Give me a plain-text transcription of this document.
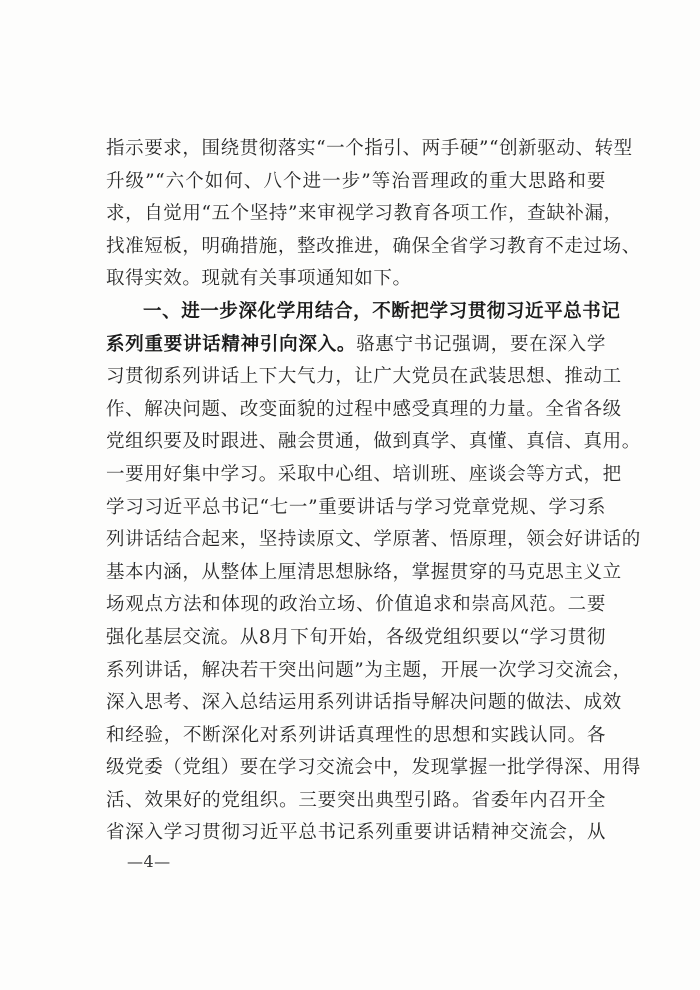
指示要求，围绕贯彻落实“一个指引、两手硬”“创新驱动、转型
升级”“六个如何、八个进一步”等治晋理政的重大思路和要
求，自觉用“五个坚持”来审视学习教育各项工作，查缺补漏，
找准短板，明确措施，整改推进，确保全省学习教育不走过场、
取得实效。现就有关事项通知如下。
一、进一步深化学用结合，不断把学习贯彻习近平总书记
系列重要讲话精神引向深入。骆惠宁书记强调，要在深入学
习贯彻系列讲话上下大气力，让广大党员在武装思想、推动工
作、解决问题、改变面貌的过程中感受真理的力量。全省各级
党组织要及时跟进、融会贯通，做到真学、真懂、真信、真用。
一要用好集中学习。采取中心组、培训班、座谈会等方式，把
学习习近平总书记“七一”重要讲话与学习党章党规、学习系
列讲话结合起来，坚持读原文、学原著、悟原理，领会好讲话的
基本内涵，从整体上厘清思想脉络，掌握贯穿的马克思主义立
场观点方法和体现的政治立场、价值追求和崇高风范。二要
强化基层交流。从8月下旬开始，各级党组织要以“学习贯彻
系列讲话，解决若干突出问题”为主题，开展一次学习交流会，
深入思考、深入总结运用系列讲话指导解决问题的做法、成效
和经验，不断深化对系列讲话真理性的思想和实践认同。各
级党委（党组）要在学习交流会中，发现掌握一批学得深、用得
活、效果好的党组织。三要突出典型引路。省委年内召开全
省深入学习贯彻习近平总书记系列重要讲话精神交流会，从
—4—
